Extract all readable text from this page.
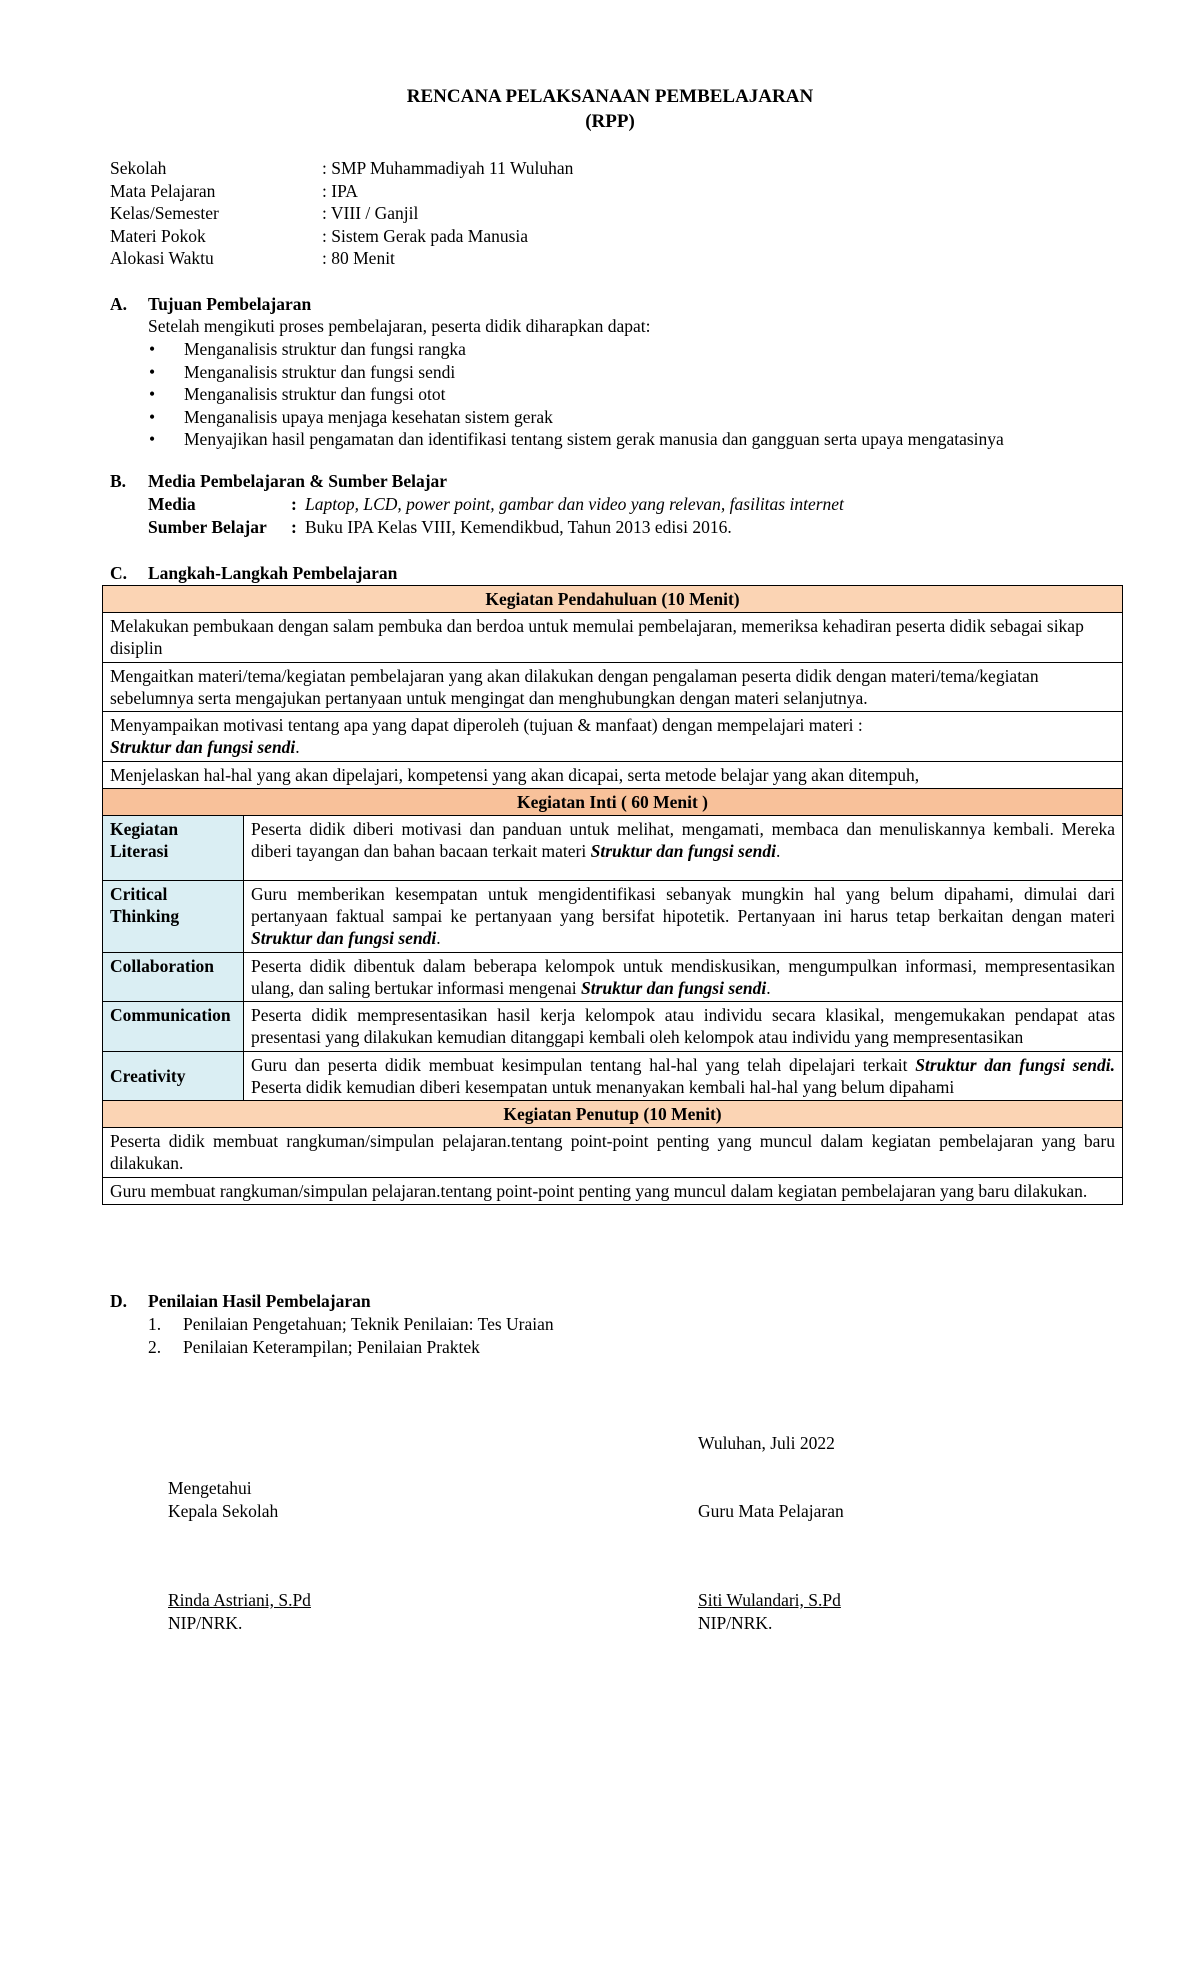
RENCANA PELAKSANAAN PEMBELAJARAN
(RPP)
Sekolah	: SMP Muhammadiyah 11 Wuluhan
Mata Pelajaran	: IPA
Kelas/Semester	: VIII / Ganjil
Materi Pokok	: Sistem Gerak pada Manusia
Alokasi Waktu	: 80 Menit
A.	Tujuan Pembelajaran
Setelah mengikuti proses pembelajaran, peserta didik diharapkan dapat:
•	Menganalisis struktur dan fungsi rangka
•	Menganalisis struktur dan fungsi sendi
•	Menganalisis struktur dan fungsi otot
•	Menganalisis upaya menjaga kesehatan sistem gerak
•	Menyajikan hasil pengamatan dan identifikasi tentang sistem gerak manusia dan gangguan serta upaya mengatasinya
B.	Media Pembelajaran & Sumber Belajar
Media	: Laptop, LCD, power point, gambar dan video yang relevan, fasilitas internet
Sumber Belajar	: Buku IPA Kelas VIII, Kemendikbud, Tahun 2013 edisi 2016.
C.	Langkah-Langkah Pembelajaran
Kegiatan Pendahuluan (10 Menit)	
Melakukan pembukaan dengan salam pembuka dan berdoa untuk memulai pembelajaran, memeriksa kehadiran peserta didik sebagai sikap disiplin	
Mengaitkan materi/tema/kegiatan pembelajaran yang akan dilakukan dengan pengalaman peserta didik dengan materi/tema/kegiatan sebelumnya serta mengajukan pertanyaan untuk mengingat dan menghubungkan dengan materi selanjutnya.	
Menyampaikan motivasi tentang apa yang dapat diperoleh (tujuan & manfaat) dengan mempelajari materi :
Struktur dan fungsi sendi.	
Menjelaskan hal-hal yang akan dipelajari, kompetensi yang akan dicapai, serta metode belajar yang akan ditempuh,	
Kegiatan Inti ( 60 Menit )	
Kegiatan Literasi	Peserta didik diberi motivasi dan panduan untuk melihat, mengamati, membaca dan menuliskannya kembali. Mereka diberi tayangan dan bahan bacaan terkait materi Struktur dan fungsi sendi.
Critical Thinking	Guru memberikan kesempatan untuk mengidentifikasi sebanyak mungkin hal yang belum dipahami, dimulai dari pertanyaan faktual sampai ke pertanyaan yang bersifat hipotetik. Pertanyaan ini harus tetap berkaitan dengan materi Struktur dan fungsi sendi.
Collaboration	Peserta didik dibentuk dalam beberapa kelompok untuk mendiskusikan, mengumpulkan informasi, mempresentasikan ulang, dan saling bertukar informasi mengenai Struktur dan fungsi sendi.
Communication	Peserta didik mempresentasikan hasil kerja kelompok atau individu secara klasikal, mengemukakan pendapat atas presentasi yang dilakukan kemudian ditanggapi kembali oleh kelompok atau individu yang mempresentasikan
Creativity	Guru dan peserta didik membuat kesimpulan tentang hal-hal yang telah dipelajari terkait Struktur dan fungsi sendi. Peserta didik kemudian diberi kesempatan untuk menanyakan kembali hal-hal yang belum dipahami
Kegiatan Penutup (10 Menit)	
Peserta didik membuat rangkuman/simpulan pelajaran.tentang point-point penting yang muncul dalam kegiatan pembelajaran yang baru dilakukan.	
Guru membuat rangkuman/simpulan pelajaran.tentang point-point penting yang muncul dalam kegiatan pembelajaran yang baru dilakukan.	
D.	Penilaian Hasil Pembelajaran
1.	Penilaian Pengetahuan; Teknik Penilaian: Tes Uraian
2.	Penilaian Keterampilan; Penilaian Praktek
Wuluhan, Juli 2022
Mengetahui
Kepala Sekolah	Guru Mata Pelajaran
Rinda Astriani, S.Pd
NIP/NRK.
Siti Wulandari, S.Pd
NIP/NRK.
